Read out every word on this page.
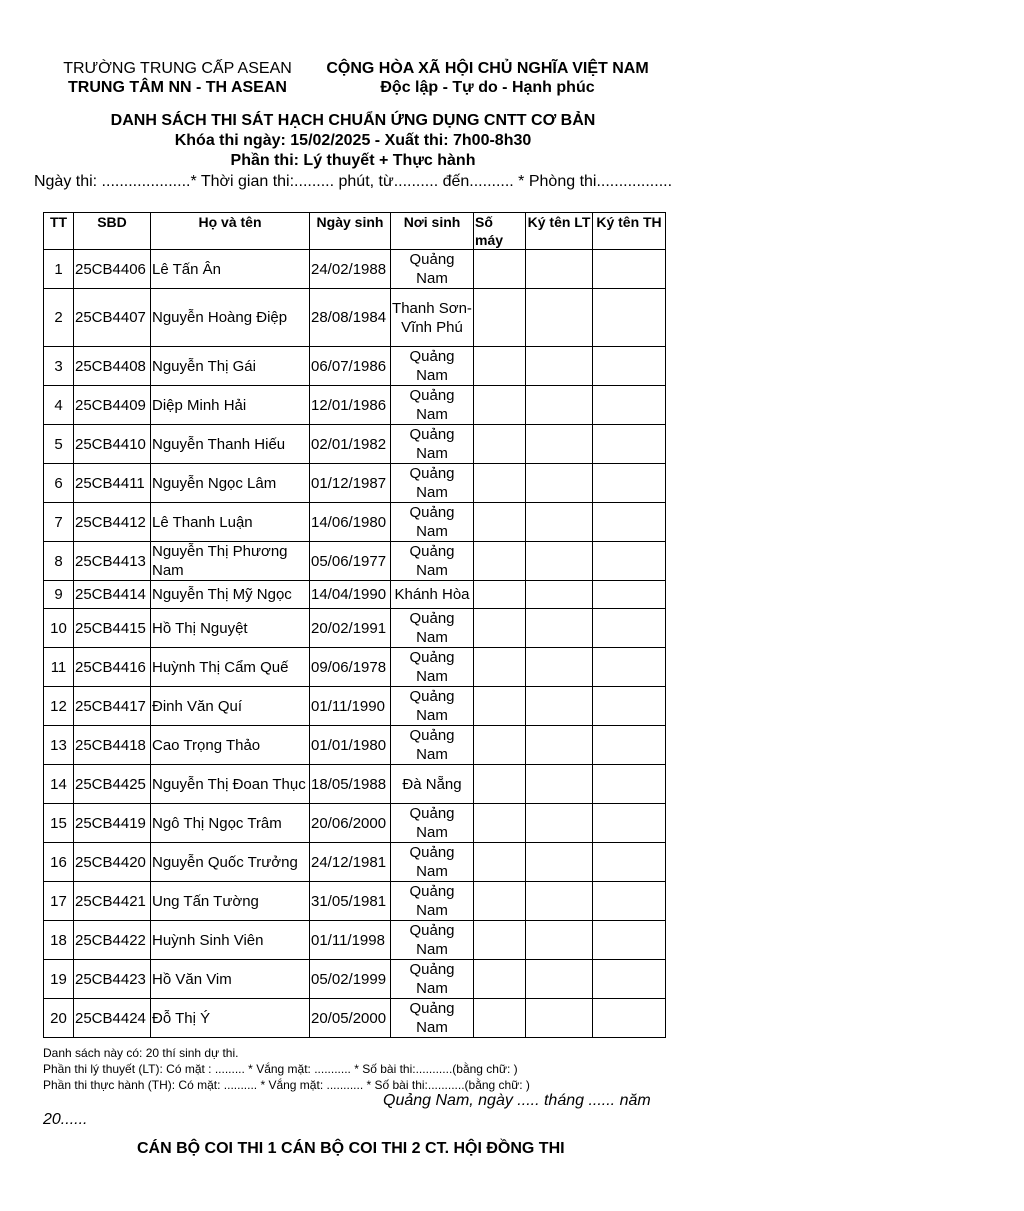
TRƯỜNG TRUNG CẤP ASEAN
TRUNG TÂM NN - TH ASEAN
CỘNG HÒA XÃ HỘI CHỦ NGHĨA VIỆT NAM
Độc lập - Tự do - Hạnh phúc
DANH SÁCH THI SÁT HẠCH CHUẨN ỨNG DỤNG CNTT CƠ BẢN
Khóa thi ngày: 15/02/2025 - Xuất thi: 7h00-8h30
Phần thi: Lý thuyết + Thực hành
Ngày thi: ....................* Thời gian thi:......... phút, từ.......... đến.......... * Phòng thi.................
TT	SBD	Họ và tên	Ngày sinh	Nơi sinh	Số máy	Ký tên LT	Ký tên TH
1	25CB4406	Lê Tấn Ân	24/02/1988	Quảng Nam			
2	25CB4407	Nguyễn Hoàng Điệp	28/08/1984	Thanh Sơn- Vĩnh Phú			
3	25CB4408	Nguyễn Thị Gái	06/07/1986	Quảng Nam			
4	25CB4409	Diệp Minh Hải	12/01/1986	Quảng Nam			
5	25CB4410	Nguyễn Thanh Hiếu	02/01/1982	Quảng Nam			
6	25CB4411	Nguyễn Ngọc Lâm	01/12/1987	Quảng Nam			
7	25CB4412	Lê Thanh Luận	14/06/1980	Quảng Nam			
8	25CB4413	Nguyễn Thị Phương Nam	05/06/1977	Quảng Nam			
9	25CB4414	Nguyễn Thị Mỹ Ngọc	14/04/1990	Khánh Hòa			
10	25CB4415	Hồ Thị Nguyệt	20/02/1991	Quảng Nam			
11	25CB4416	Huỳnh Thị Cẩm Quế	09/06/1978	Quảng Nam			
12	25CB4417	Đinh Văn Quí	01/11/1990	Quảng Nam			
13	25CB4418	Cao Trọng Thảo	01/01/1980	Quảng Nam			
14	25CB4425	Nguyễn Thị Đoan Thục	18/05/1988	Đà Nẵng			
15	25CB4419	Ngô Thị Ngọc Trâm	20/06/2000	Quảng Nam			
16	25CB4420	Nguyễn Quốc Trưởng	24/12/1981	Quảng Nam			
17	25CB4421	Ung Tấn Tường	31/05/1981	Quảng Nam			
18	25CB4422	Huỳnh Sinh Viên	01/11/1998	Quảng Nam			
19	25CB4423	Hồ Văn Vim	05/02/1999	Quảng Nam			
20	25CB4424	Đỗ Thị Ý	20/05/2000	Quảng Nam			
Danh sách này có: 20 thí sinh dự thi.
Phần thi lý thuyết (LT): Có mặt : ......... * Vắng mặt: ........... * Số bài thi:...........(bằng chữ: )
Phần thi thực hành (TH): Có mặt: .......... * Vắng mặt: ........... * Số bài thi:...........(bằng chữ: )
Quảng Nam, ngày ..... tháng ...... năm
20......
CÁN BỘ COI THI 1 CÁN BỘ COI THI 2 CT. HỘI ĐỒNG THI
